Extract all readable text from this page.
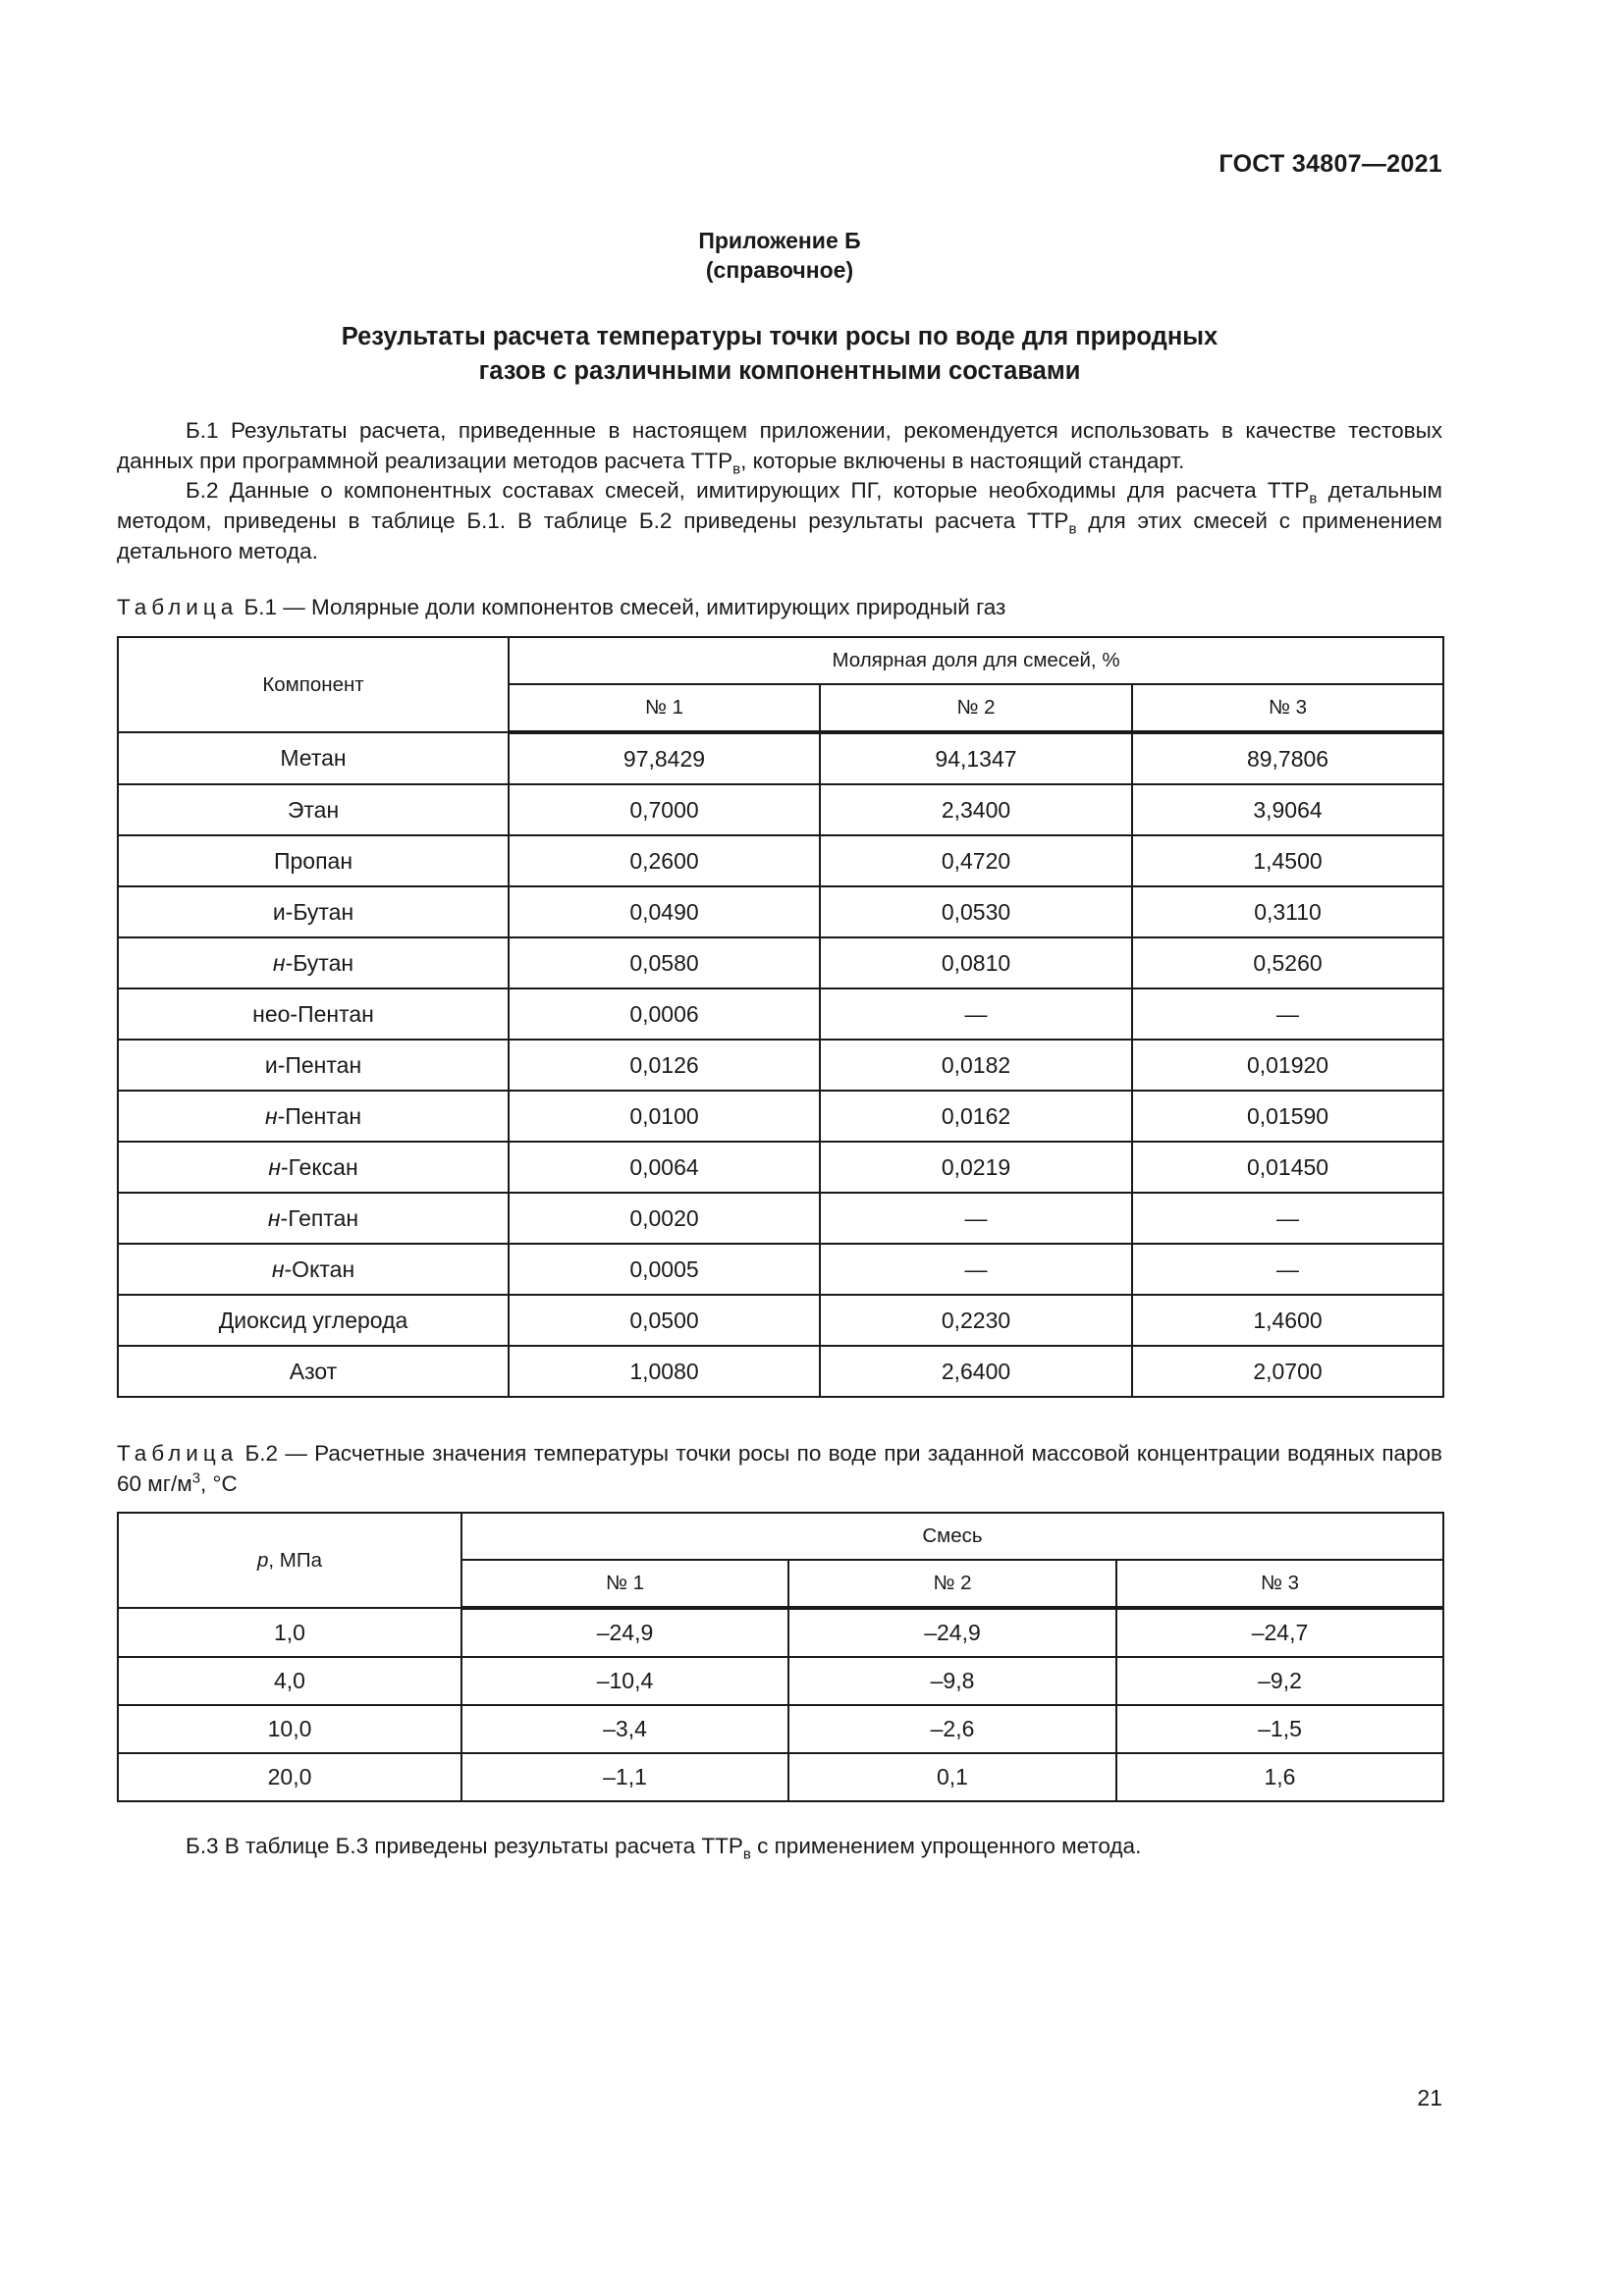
ГОСТ 34807—2021
Приложение Б
(справочное)
Результаты расчета температуры точки росы по воде для природных
газов с различными компонентными составами
Б.1 Результаты расчета, приведенные в настоящем приложении, рекомендуется использовать в качестве тестовых данных при программной реализации методов расчета $ТТР_в$, которые включены в настоящий стандарт.
Б.2 Данные о компонентных составах смесей, имитирующих ПГ, которые необходимы для расчета $ТТР_в$ детальным методом, приведены в таблице Б.1. В таблице Б.2 приведены результаты расчета $ТТР_в$ для этих смесей с применением детального метода.
Таблица Б.1 — Молярные доли компонентов смесей, имитирующих природный газ
Компонент	Молярная доля для смесей, %		
	№ 1	№ 2	№ 3
Метан	97,8429	94,1347	89,7806
Этан	0,7000	2,3400	3,9064
Пропан	0,2600	0,4720	1,4500
и-Бутан	0,0490	0,0530	0,3110
н-Бутан	0,0580	0,0810	0,5260
нео-Пентан	0,0006	—	—
и-Пентан	0,0126	0,0182	0,01920
н-Пентан	0,0100	0,0162	0,01590
н-Гексан	0,0064	0,0219	0,01450
н-Гептан	0,0020	—	—
н-Октан	0,0005	—	—
Диоксид углерода	0,0500	0,2230	1,4600
Азот	1,0080	2,6400	2,0700
Таблица Б.2 — Расчетные значения температуры точки росы по воде при заданной массовой концентрации водяных паров 60 $мг/м^3$, °C
p, МПа	Смесь		
	№ 1	№ 2	№ 3
1,0	–24,9	–24,9	–24,7
4,0	–10,4	–9,8	–9,2
10,0	–3,4	–2,6	–1,5
20,0	–1,1	0,1	1,6
Б.3 В таблице Б.3 приведены результаты расчета $ТТР_в$ с применением упрощенного метода.
21
